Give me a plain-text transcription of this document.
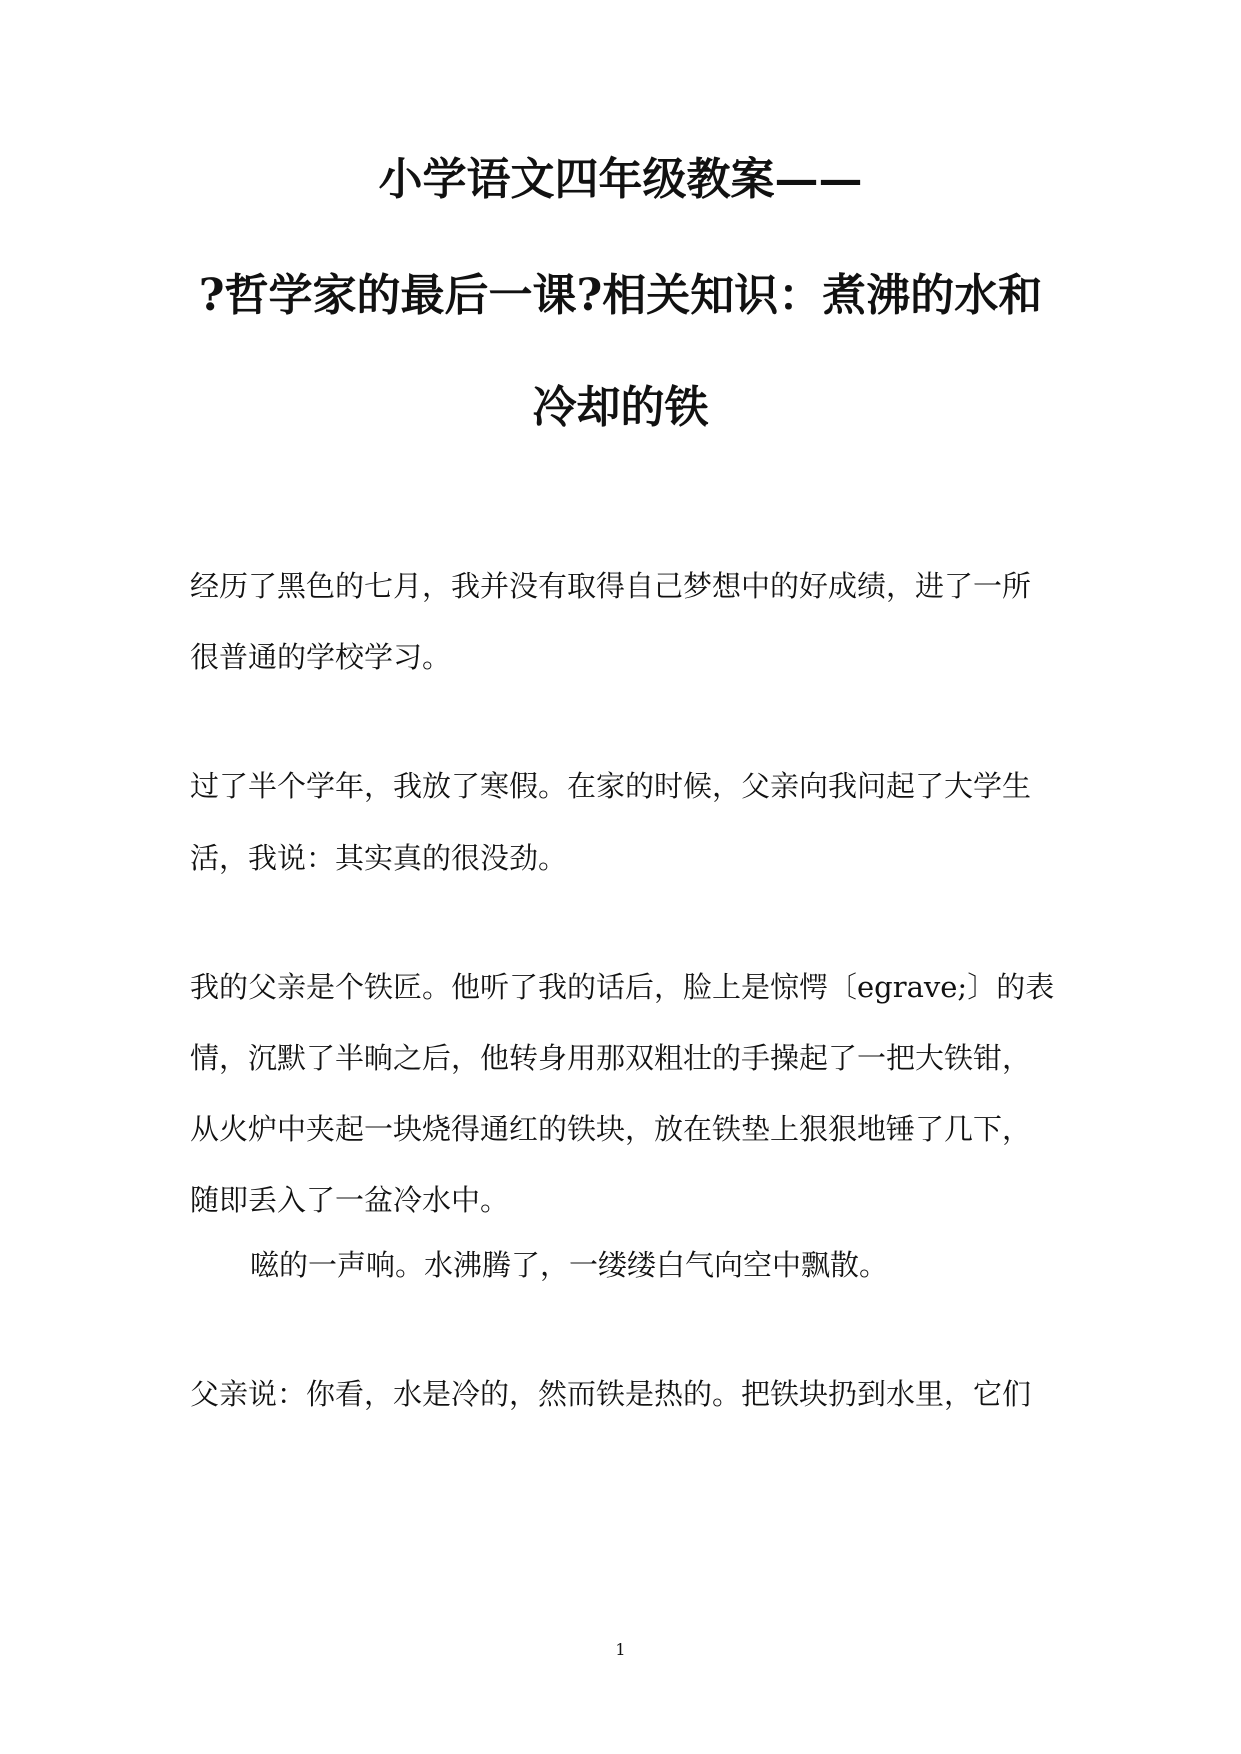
小学语文四年级教案——
?哲学家的最后一课?相关知识：煮沸的水和
冷却的铁
经历了黑色的七月，我并没有取得自己梦想中的好成绩，进了一所
很普通的学校学习。
过了半个学年，我放了寒假。在家的时候，父亲向我问起了大学生
活，我说：其实真的很没劲。
我的父亲是个铁匠。他听了我的话后，脸上是惊愕〔egrave;〕的表
情，沉默了半晌之后，他转身用那双粗壮的手操起了一把大铁钳，
从火炉中夹起一块烧得通红的铁块，放在铁垫上狠狠地锤了几下，
随即丢入了一盆冷水中。
嗞的一声响。水沸腾了，一缕缕白气向空中飘散。
父亲说：你看，水是冷的，然而铁是热的。把铁块扔到水里，它们
1
